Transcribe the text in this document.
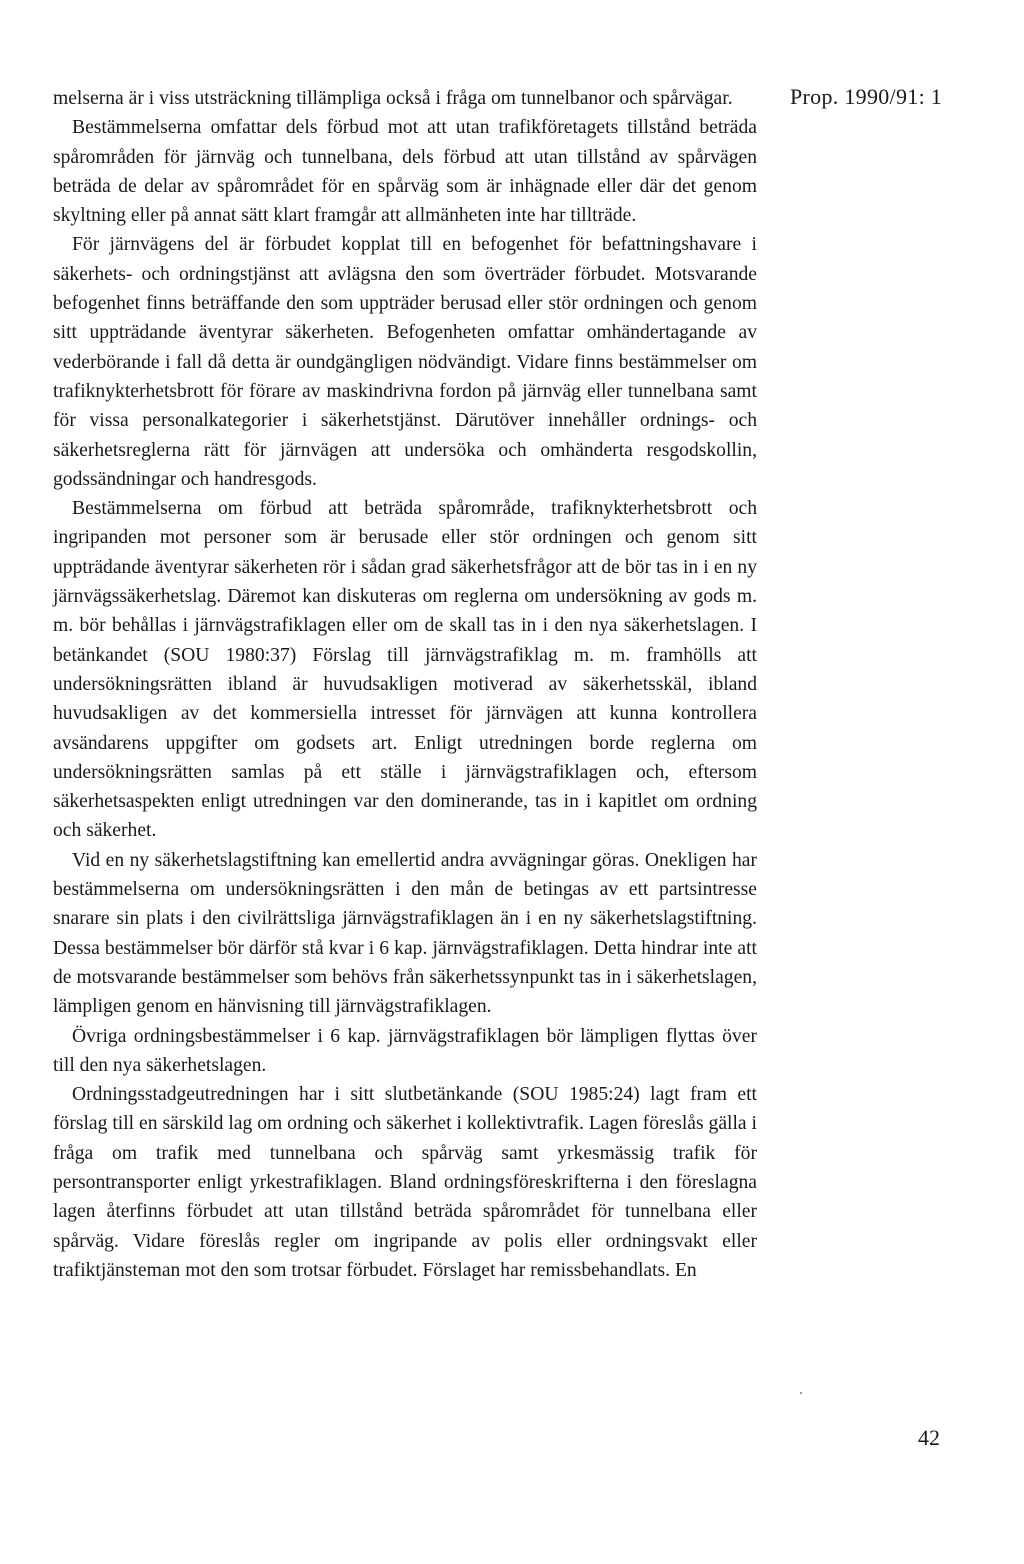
Prop. 1990/91: 1

melserna är i viss utsträckning tillämpliga också i fråga om tunnelbanor och spårvägar.

Bestämmelserna omfattar dels förbud mot att utan trafikföretagets tillstånd beträda spårområden för järnväg och tunnelbana, dels förbud att utan tillstånd av spårvägen beträda de delar av spårområdet för en spårväg som är inhägnade eller där det genom skyltning eller på annat sätt klart framgår att allmänheten inte har tillträde.

För järnvägens del är förbudet kopplat till en befogenhet för befattningshavare i säkerhets- och ordningstjänst att avlägsna den som överträder förbudet. Motsvarande befogenhet finns beträffande den som uppträder berusad eller stör ordningen och genom sitt uppträdande äventyrar säkerheten. Befogenheten omfattar omhändertagande av vederbörande i fall då detta är oundgängligen nödvändigt. Vidare finns bestämmelser om trafiknykterhetsbrott för förare av maskindrivna fordon på järnväg eller tunnelbana samt för vissa personalkategorier i säkerhetstjänst. Därutöver innehåller ordnings- och säkerhetsreglerna rätt för järnvägen att undersöka och omhänderta resgodskollin, godssändningar och handresgods.

Bestämmelserna om förbud att beträda spårområde, trafiknykterhetsbrott och ingripanden mot personer som är berusade eller stör ordningen och genom sitt uppträdande äventyrar säkerheten rör i sådan grad säkerhetsfrågor att de bör tas in i en ny järnvägssäkerhetslag. Däremot kan diskuteras om reglerna om undersökning av gods m. m. bör behållas i järnvägstrafiklagen eller om de skall tas in i den nya säkerhetslagen. I betänkandet (SOU 1980:37) Förslag till järnvägstrafiklag m. m. framhölls att undersökningsrätten ibland är huvudsakligen motiverad av säkerhetsskäl, ibland huvudsakligen av det kommersiella intresset för järnvägen att kunna kontrollera avsändarens uppgifter om godsets art. Enligt utredningen borde reglerna om undersökningsrätten samlas på ett ställe i järnvägstrafiklagen och, eftersom säkerhetsaspekten enligt utredningen var den dominerande, tas in i kapitlet om ordning och säkerhet.

Vid en ny säkerhetslagstiftning kan emellertid andra avvägningar göras. Onekligen har bestämmelserna om undersökningsrätten i den mån de betingas av ett partsintresse snarare sin plats i den civilrättsliga järnvägstrafiklagen än i en ny säkerhetslagstiftning. Dessa bestämmelser bör därför stå kvar i 6 kap. järnvägstrafiklagen. Detta hindrar inte att de motsvarande bestämmelser som behövs från säkerhetssynpunkt tas in i säkerhetslagen, lämpligen genom en hänvisning till järnvägstrafiklagen.

Övriga ordningsbestämmelser i 6 kap. järnvägstrafiklagen bör lämpligen flyttas över till den nya säkerhetslagen.

Ordningsstadgeutredningen har i sitt slutbetänkande (SOU 1985:24) lagt fram ett förslag till en särskild lag om ordning och säkerhet i kollektivtrafik. Lagen föreslås gälla i fråga om trafik med tunnelbana och spårväg samt yrkesmässig trafik för persontransporter enligt yrkestrafiklagen. Bland ordningsföreskrifterna i den föreslagna lagen återfinns förbudet att utan tillstånd beträda spårområdet för tunnelbana eller spårväg. Vidare föreslås regler om ingripande av polis eller ordningsvakt eller trafiktjänsteman mot den som trotsar förbudet. Förslaget har remissbehandlats. En

42
